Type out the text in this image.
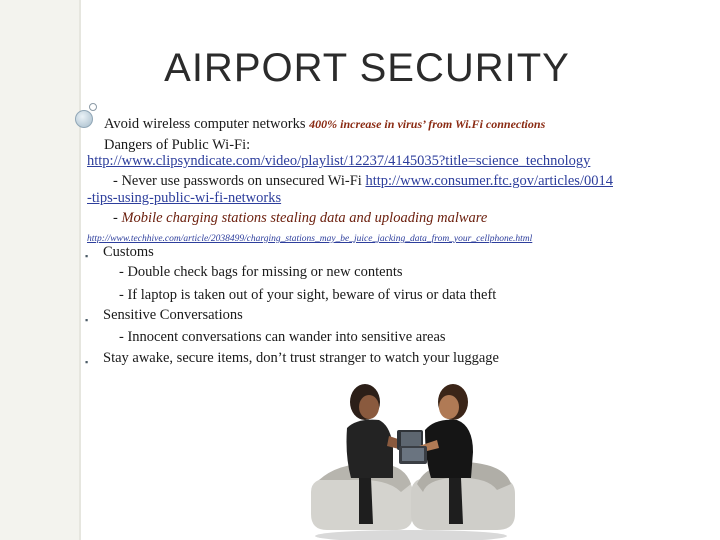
AIRPORT SECURITY
Avoid wireless computer networks 400% increase in virus’ from Wi.Fi connections
Dangers of Public Wi-Fi:
http://www.clipsyndicate.com/video/playlist/12237/4145035?title=science_technology
- Never use passwords on unsecured Wi-Fi http://www.consumer.ftc.gov/articles/0014
-tips-using-public-wi-fi-networks
- Mobile charging stations stealing data and uploading malware
http://www.techhive.com/article/2038499/charging_stations_may_be_juice_jacking_data_from_your_cellphone.html
▪ Customs
- Double check bags for missing or new contents
- If laptop is taken out of your sight, beware of virus or data theft
▪ Sensitive Conversations
- Innocent conversations can wander into sensitive areas
▪ Stay awake, secure items, don’t trust stranger to watch your luggage
